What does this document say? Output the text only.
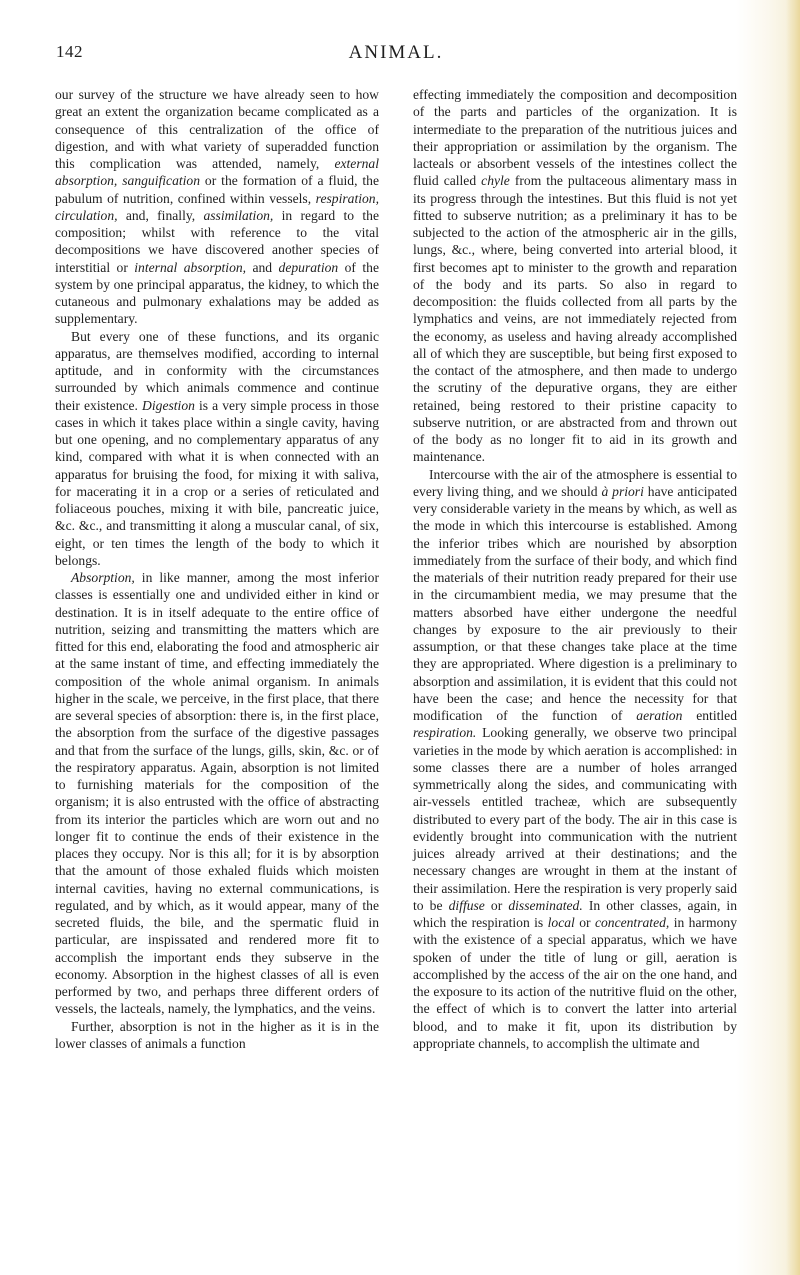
142	ANIMAL.

our survey of the structure we have already seen to how great an extent the organization became complicated as a consequence of this centralization of the office of digestion, and with what variety of superadded function this complication was attended, namely, external absorption, sanguification or the formation of a fluid, the pabulum of nutrition, confined within vessels, respiration, circulation, and, finally, assimilation, in regard to the composition; whilst with reference to the vital decompositions we have discovered another species of interstitial or internal absorption, and depuration of the system by one principal apparatus, the kidney, to which the cutaneous and pulmonary exhalations may be added as supplementary.

But every one of these functions, and its organic apparatus, are themselves modified, according to internal aptitude, and in conformity with the circumstances surrounded by which animals commence and continue their existence. Digestion is a very simple process in those cases in which it takes place within a single cavity, having but one opening, and no complementary apparatus of any kind, compared with what it is when connected with an apparatus for bruising the food, for mixing it with saliva, for macerating it in a crop or a series of reticulated and foliaceous pouches, mixing it with bile, pancreatic juice, &c. &c., and transmitting it along a muscular canal, of six, eight, or ten times the length of the body to which it belongs.

Absorption, in like manner, among the most inferior classes is essentially one and undivided either in kind or destination. It is in itself adequate to the entire office of nutrition, seizing and transmitting the matters which are fitted for this end, elaborating the food and atmospheric air at the same instant of time, and effecting immediately the composition of the whole animal organism. In animals higher in the scale, we perceive, in the first place, that there are several species of absorption: there is, in the first place, the absorption from the surface of the digestive passages and that from the surface of the lungs, gills, skin, &c. or of the respiratory apparatus. Again, absorption is not limited to furnishing materials for the composition of the organism; it is also entrusted with the office of abstracting from its interior the particles which are worn out and no longer fit to continue the ends of their existence in the places they occupy. Nor is this all; for it is by absorption that the amount of those exhaled fluids which moisten internal cavities, having no external communications, is regulated, and by which, as it would appear, many of the secreted fluids, the bile, and the spermatic fluid in particular, are inspissated and rendered more fit to accomplish the important ends they subserve in the economy. Absorption in the highest classes of all is even performed by two, and perhaps three different orders of vessels, the lacteals, namely, the lymphatics, and the veins.

Further, absorption is not in the higher as it is in the lower classes of animals a function

effecting immediately the composition and decomposition of the parts and particles of the organization. It is intermediate to the preparation of the nutritious juices and their appropriation or assimilation by the organism. The lacteals or absorbent vessels of the intestines collect the fluid called chyle from the pultaceous alimentary mass in its progress through the intestines. But this fluid is not yet fitted to subserve nutrition; as a preliminary it has to be subjected to the action of the atmospheric air in the gills, lungs, &c., where, being converted into arterial blood, it first becomes apt to minister to the growth and reparation of the body and its parts. So also in regard to decomposition: the fluids collected from all parts by the lymphatics and veins, are not immediately rejected from the economy, as useless and having already accomplished all of which they are susceptible, but being first exposed to the contact of the atmosphere, and then made to undergo the scrutiny of the depurative organs, they are either retained, being restored to their pristine capacity to subserve nutrition, or are abstracted from and thrown out of the body as no longer fit to aid in its growth and maintenance.

Intercourse with the air of the atmosphere is essential to every living thing, and we should à priori have anticipated very considerable variety in the means by which, as well as the mode in which this intercourse is established. Among the inferior tribes which are nourished by absorption immediately from the surface of their body, and which find the materials of their nutrition ready prepared for their use in the circumambient media, we may presume that the matters absorbed have either undergone the needful changes by exposure to the air previously to their assumption, or that these changes take place at the time they are appropriated. Where digestion is a preliminary to absorption and assimilation, it is evident that this could not have been the case; and hence the necessity for that modification of the function of aeration entitled respiration. Looking generally, we observe two principal varieties in the mode by which aeration is accomplished: in some classes there are a number of holes arranged symmetrically along the sides, and communicating with air-vessels entitled tracheæ, which are subsequently distributed to every part of the body. The air in this case is evidently brought into communication with the nutrient juices already arrived at their destinations; and the necessary changes are wrought in them at the instant of their assimilation. Here the respiration is very properly said to be diffuse or disseminated. In other classes, again, in which the respiration is local or concentrated, in harmony with the existence of a special apparatus, which we have spoken of under the title of lung or gill, aeration is accomplished by the access of the air on the one hand, and the exposure to its action of the nutritive fluid on the other, the effect of which is to convert the latter into arterial blood, and to make it fit, upon its distribution by appropriate channels, to accomplish the ultimate and
